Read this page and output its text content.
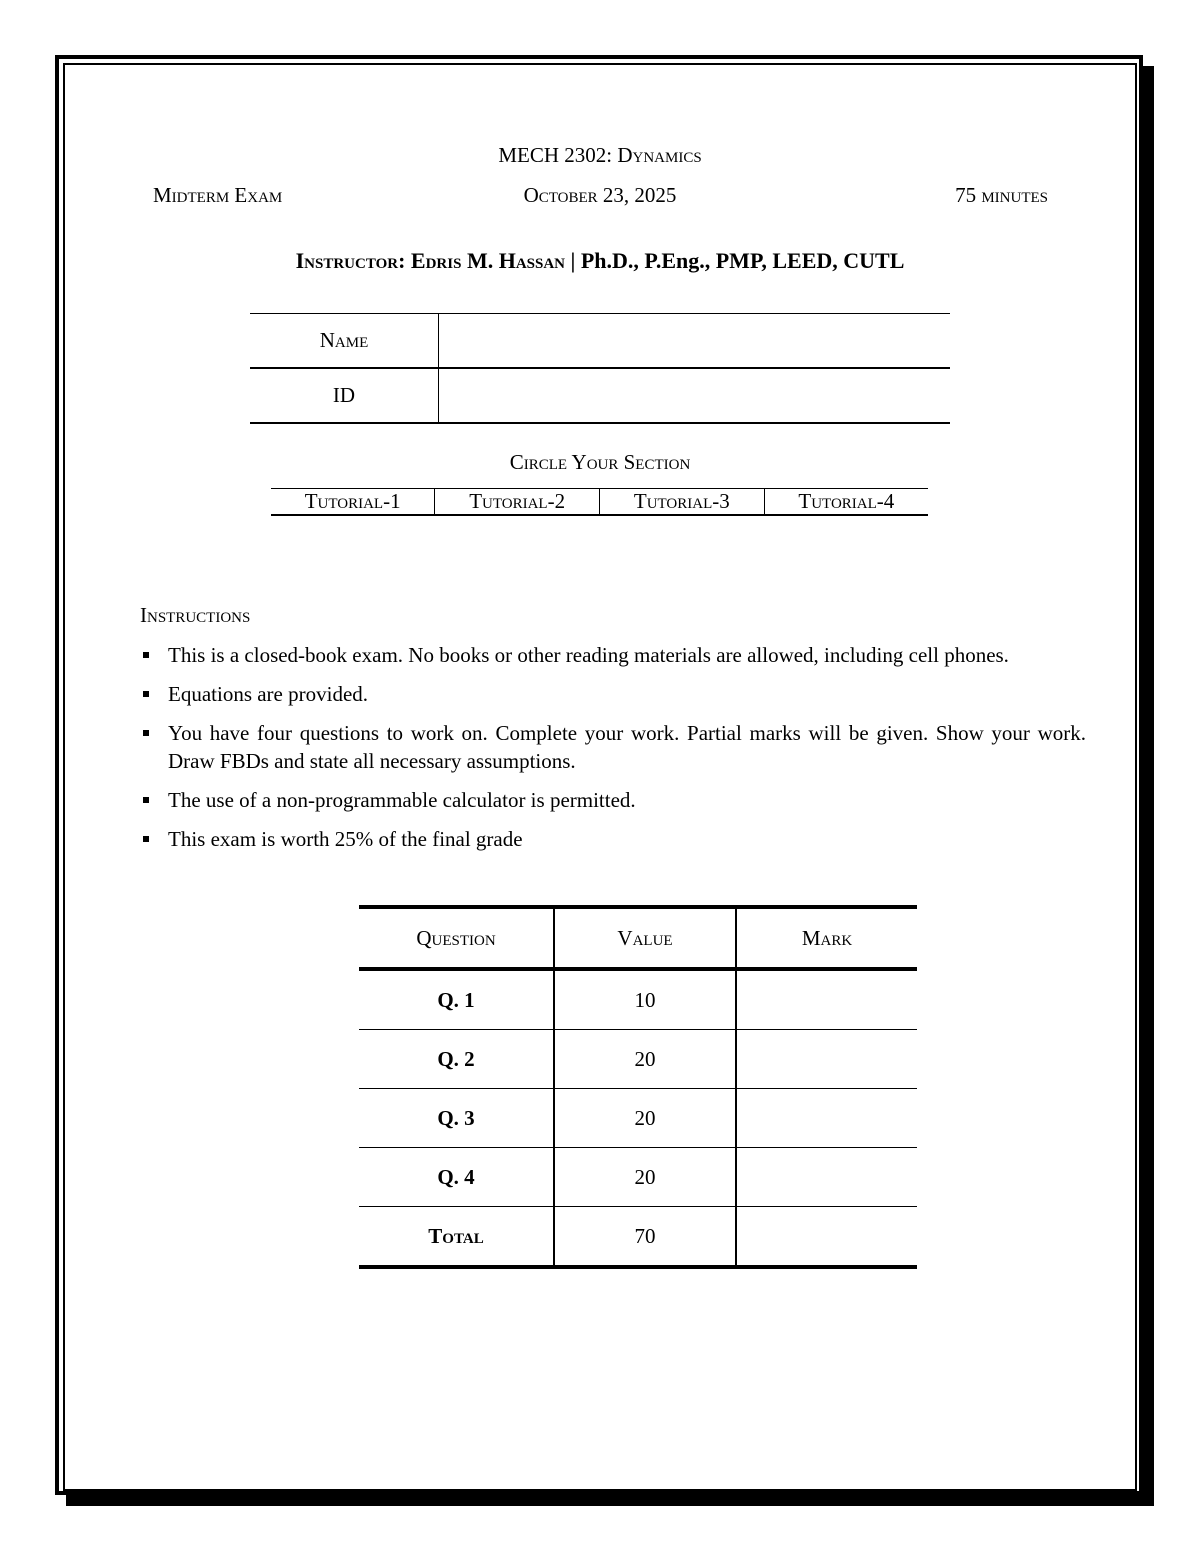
MECH 2302: Dynamics
Midterm Exam	October 23, 2025	75 minutes
Instructor: Edris M. Hassan | Ph.D., P.Eng., PMP, LEED, CUTL
Name	
ID	
Circle Your Section
Tutorial-1	Tutorial-2	Tutorial-3	Tutorial-4
Instructions
This is a closed-book exam. No books or other reading materials are allowed, including cell phones.
Equations are provided.
You have four questions to work on. Complete your work. Partial marks will be given. Show your work. Draw FBDs and state all necessary assumptions.
The use of a non-programmable calculator is permitted.
This exam is worth 25% of the final grade
Question	Value	Mark
Q. 1	10	
Q. 2	20	
Q. 3	20	
Q. 4	20	
Total	70	
